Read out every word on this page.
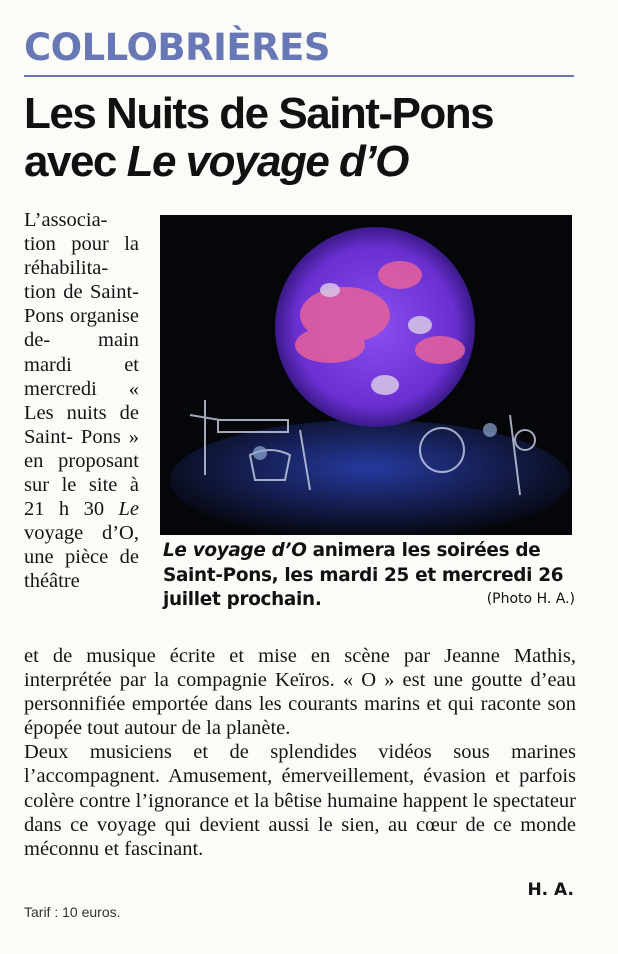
COLLOBRIÈRES
Les Nuits de Saint-Pons
avec Le voyage d’O
L’associa- tion pour la réhabilita- tion de Saint-Pons organise de- main mardi	et mercredi « Les nuits de Saint- Pons » en proposant sur le site à 21 h 30 Le voyage d’O, une pièce de théâtre

Le voyage d’O animera les soirées de Saint-Pons, les mardi 25 et mercredi 26 juillet prochain.	(Photo H. A.)

et de musique écrite et mise en scène par Jeanne Mathis, interprétée par la compagnie Keïros. « O » est une goutte d’eau personnifiée emportée dans les courants marins et qui raconte son épopée tout autour de la planète.
Deux musiciens et de splendides vidéos sous marines l’accompagnent. Amusement, émerveillement, évasion et parfois colère contre l’ignorance et la bêtise humaine happent le spectateur dans ce voyage qui devient aussi le sien, au cœur de ce monde méconnu et fascinant.
H. A.
Tarif : 10 euros.
